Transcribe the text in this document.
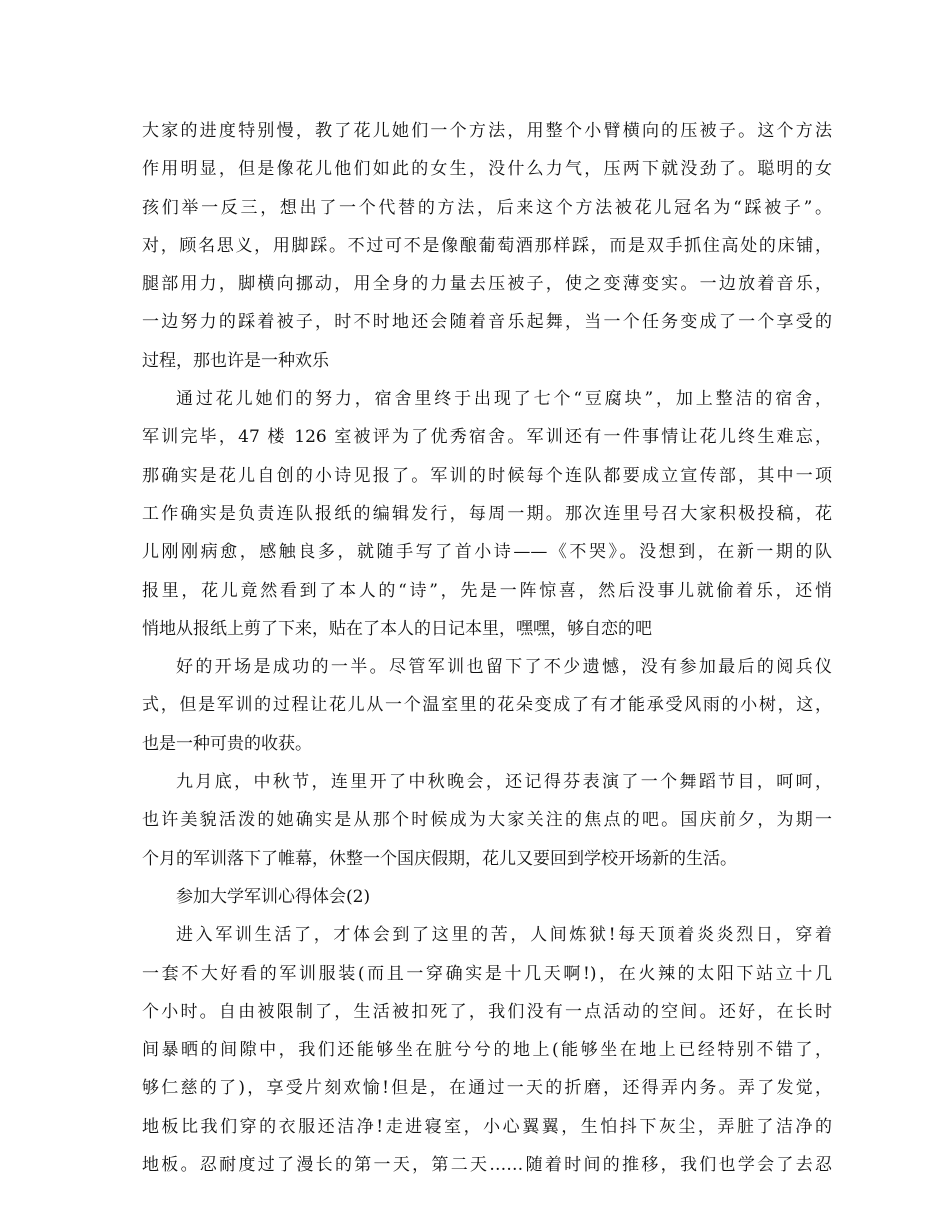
大家的进度特别慢，教了花儿她们一个方法，用整个小臂横向的压被子。这个方法
作用明显，但是像花儿他们如此的女生，没什么力气，压两下就没劲了。聪明的女
孩们举一反三，想出了一个代替的方法，后来这个方法被花儿冠名为“踩被子”。
对，顾名思义，用脚踩。不过可不是像酿葡萄酒那样踩，而是双手抓住高处的床铺，
腿部用力，脚横向挪动，用全身的力量去压被子，使之变薄变实。一边放着音乐，
一边努力的踩着被子，时不时地还会随着音乐起舞，当一个任务变成了一个享受的
过程，那也许是一种欢乐
通过花儿她们的努力，宿舍里终于出现了七个“豆腐块”，加上整洁的宿舍，
军训完毕，47 楼 126 室被评为了优秀宿舍。军训还有一件事情让花儿终生难忘，
那确实是花儿自创的小诗见报了。军训的时候每个连队都要成立宣传部，其中一项
工作确实是负责连队报纸的编辑发行，每周一期。那次连里号召大家积极投稿，花
儿刚刚病愈，感触良多，就随手写了首小诗——《不哭》。没想到，在新一期的队
报里，花儿竟然看到了本人的“诗”，先是一阵惊喜，然后没事儿就偷着乐，还悄
悄地从报纸上剪了下来，贴在了本人的日记本里，嘿嘿，够自恋的吧
好的开场是成功的一半。尽管军训也留下了不少遗憾，没有参加最后的阅兵仪
式，但是军训的过程让花儿从一个温室里的花朵变成了有才能承受风雨的小树，这，
也是一种可贵的收获。
九月底，中秋节，连里开了中秋晚会，还记得芬表演了一个舞蹈节目，呵呵，
也许美貌活泼的她确实是从那个时候成为大家关注的焦点的吧。国庆前夕，为期一
个月的军训落下了帷幕，休整一个国庆假期，花儿又要回到学校开场新的生活。
参加大学军训心得体会(2)
进入军训生活了，才体会到了这里的苦，人间炼狱!每天顶着炎炎烈日，穿着
一套不大好看的军训服装(而且一穿确实是十几天啊!)，在火辣的太阳下站立十几
个小时。自由被限制了，生活被扣死了，我们没有一点活动的空间。还好，在长时
间暴晒的间隙中，我们还能够坐在脏兮兮的地上(能够坐在地上已经特别不错了，
够仁慈的了)，享受片刻欢愉!但是，在通过一天的折磨，还得弄内务。弄了发觉，
地板比我们穿的衣服还洁净!走进寝室，小心翼翼，生怕抖下灰尘，弄脏了洁净的
地板。忍耐度过了漫长的第一天，第二天……随着时间的推移，我们也学会了去忍
